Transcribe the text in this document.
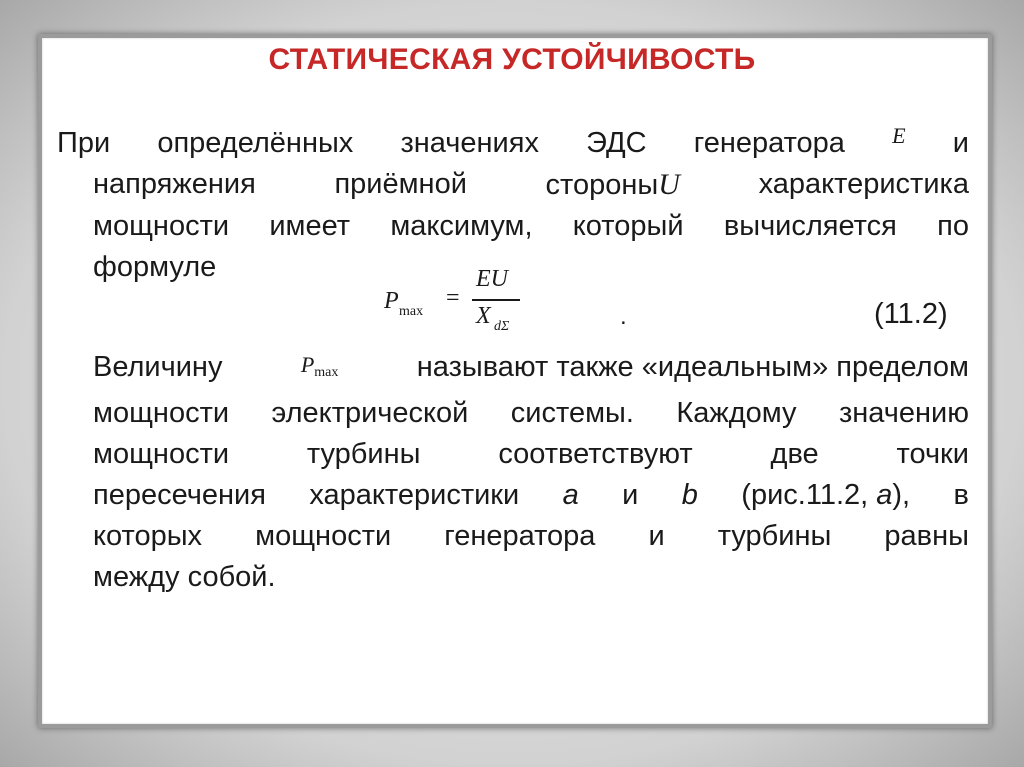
СТАТИЧЕСКАЯ УСТОЙЧИВОСТЬ
При определённых значениях ЭДС генератора E и
напряжения	приёмной	стороныU	характеристика
мощности имеет максимум, который вычисляется по
формуле
P max
=
EU
X dΣ	.	(11.2)
Величину	Pmax	называют также «идеальным» пределом
мощности электрической системы. Каждому значению
мощности	турбины	соответствуют	две	точки
пересечения характеристики a и b (рис.11.2, а), в
которых мощности генератора и турбины равны
между собой.
